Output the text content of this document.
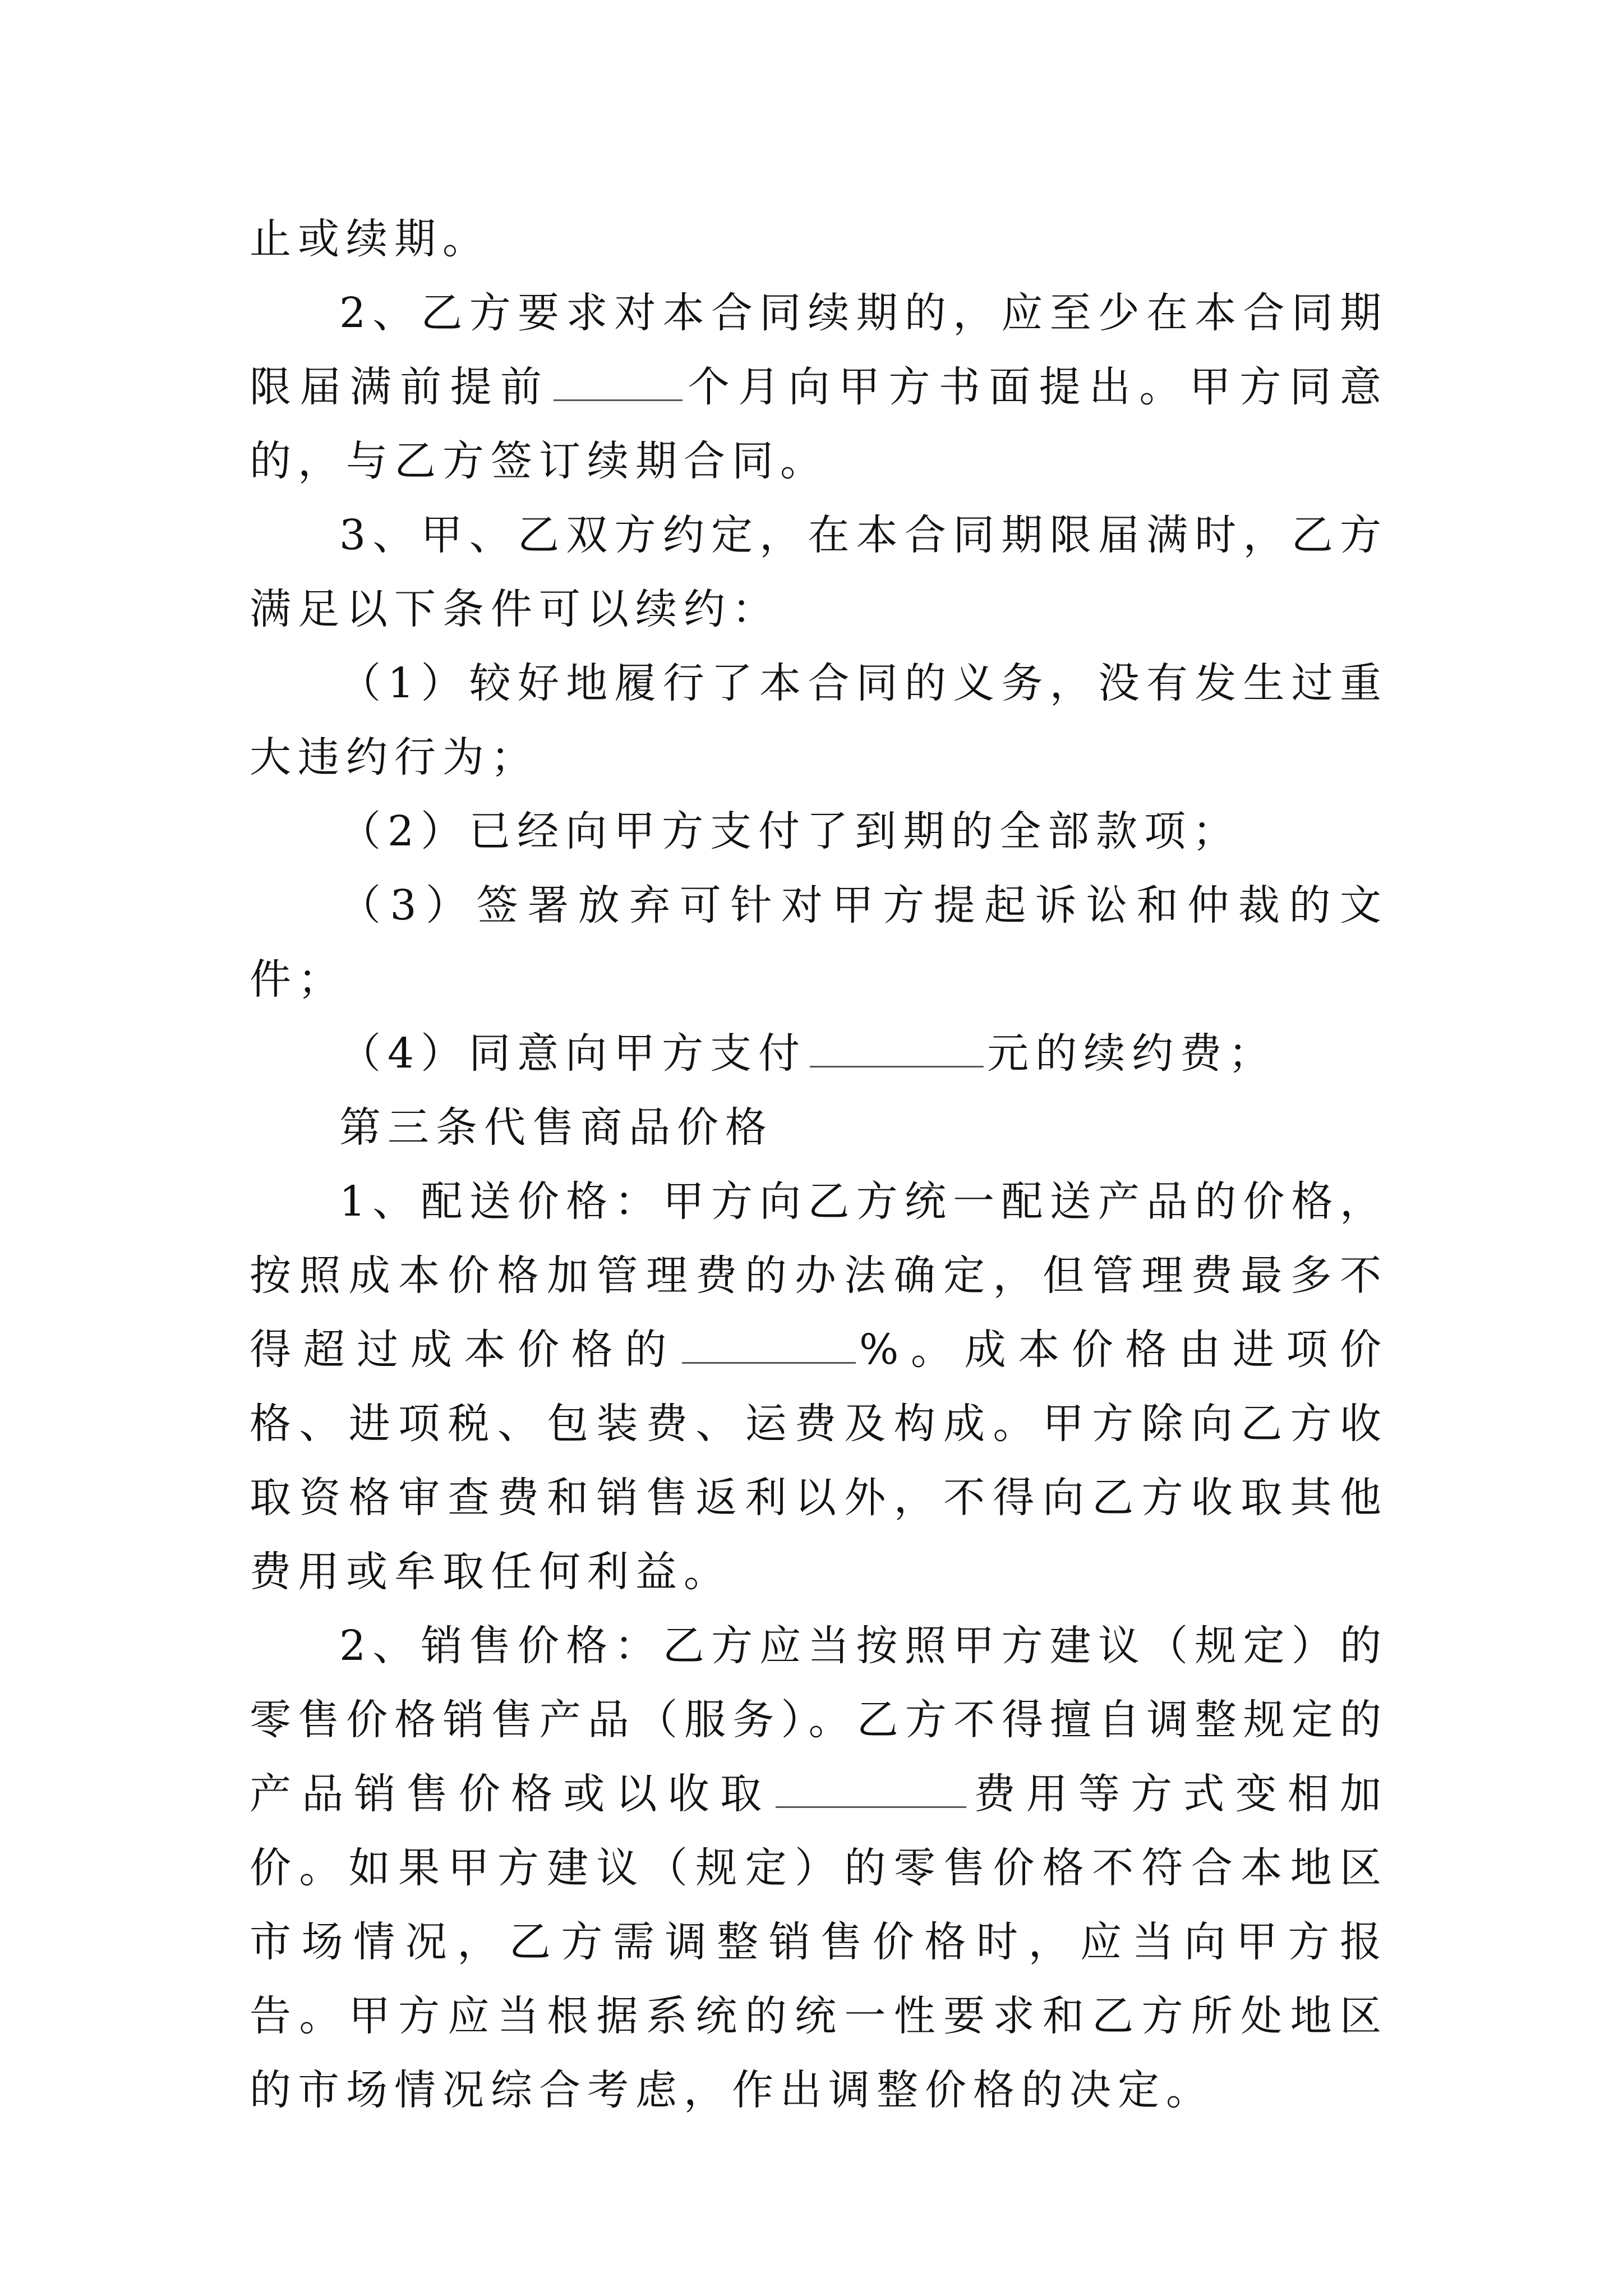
止或续期。

2、乙方要求对本合同续期的，应至少在本合同期限届满前提前	个月向甲方书面提出。甲方同意的，与乙方签订续期合同。

3、甲、乙双方约定，在本合同期限届满时，乙方满足以下条件可以续约：

（1）较好地履行了本合同的义务，没有发生过重大违约行为；

（2）已经向甲方支付了到期的全部款项；

（3）签署放弃可针对甲方提起诉讼和仲裁的文件；

（4）同意向甲方支付	元的续约费；

第三条代售商品价格

1、配送价格：甲方向乙方统一配送产品的价格，按照成本价格加管理费的办法确定，但管理费最多不得超过成本价格的	%。成本价格由进项价格、进项税、包装费、运费及构成。甲方除向乙方收取资格审查费和销售返利以外，不得向乙方收取其他费用或牟取任何利益。

2、销售价格：乙方应当按照甲方建议（规定）的零售价格销售产品（服务）。乙方不得擅自调整规定的产品销售价格或以收取	费用等方式变相加价。如果甲方建议（规定）的零售价格不符合本地区市场情况，乙方需调整销售价格时，应当向甲方报告。甲方应当根据系统的统一性要求和乙方所处地区的市场情况综合考虑，作出调整价格的决定。
